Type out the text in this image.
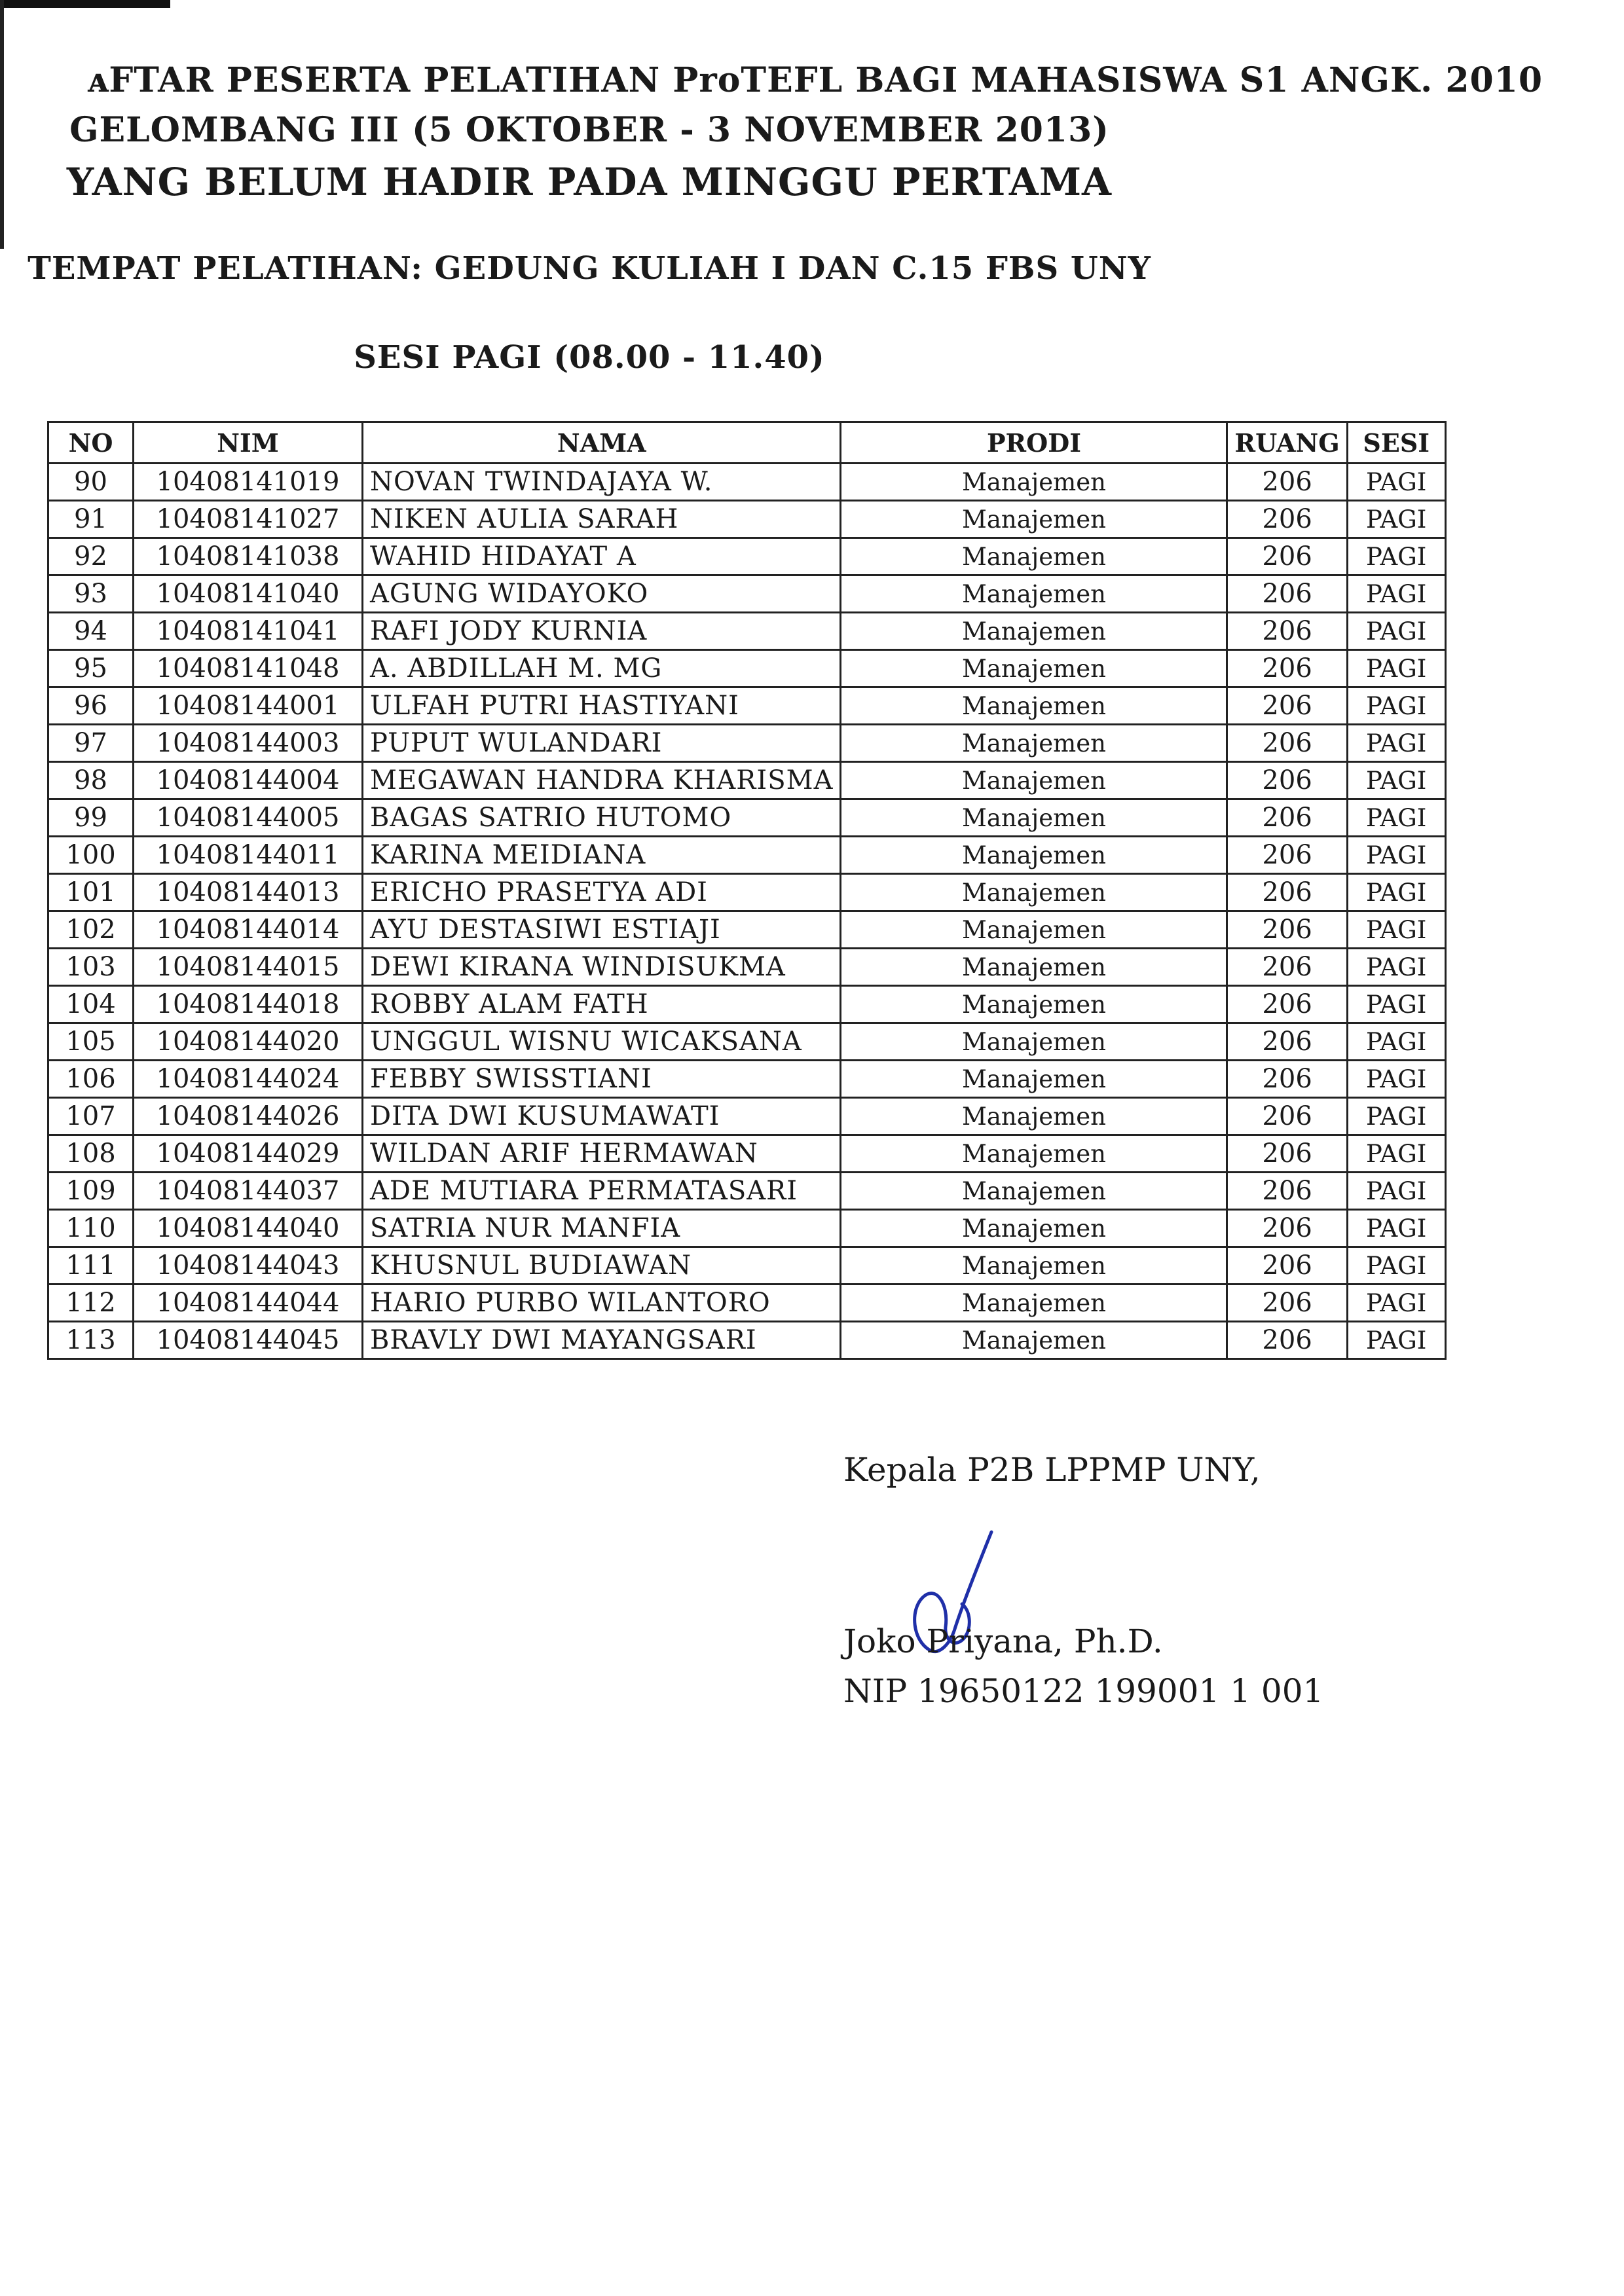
ᴀFTAR PESERTA PELATIHAN ProTEFL BAGI MAHASISWA S1 ANGK. 2010
GELOMBANG III (5 OKTOBER - 3 NOVEMBER 2013)
YANG BELUM HADIR PADA MINGGU PERTAMA
TEMPAT PELATIHAN: GEDUNG KULIAH I DAN C.15 FBS UNY
SESI PAGI (08.00 - 11.40)
NO	NIM	NAMA	PRODI	RUANG	SESI
90	10408141019	NOVAN TWINDAJAYA W.	Manajemen	206	PAGI
91	10408141027	NIKEN AULIA SARAH	Manajemen	206	PAGI
92	10408141038	WAHID HIDAYAT A	Manajemen	206	PAGI
93	10408141040	AGUNG WIDAYOKO	Manajemen	206	PAGI
94	10408141041	RAFI JODY KURNIA	Manajemen	206	PAGI
95	10408141048	A. ABDILLAH M. MG	Manajemen	206	PAGI
96	10408144001	ULFAH PUTRI HASTIYANI	Manajemen	206	PAGI
97	10408144003	PUPUT WULANDARI	Manajemen	206	PAGI
98	10408144004	MEGAWAN HANDRA KHARISMA	Manajemen	206	PAGI
99	10408144005	BAGAS SATRIO HUTOMO	Manajemen	206	PAGI
100	10408144011	KARINA MEIDIANA	Manajemen	206	PAGI
101	10408144013	ERICHO PRASETYA ADI	Manajemen	206	PAGI
102	10408144014	AYU DESTASIWI ESTIAJI	Manajemen	206	PAGI
103	10408144015	DEWI KIRANA WINDISUKMA	Manajemen	206	PAGI
104	10408144018	ROBBY ALAM FATH	Manajemen	206	PAGI
105	10408144020	UNGGUL WISNU WICAKSANA	Manajemen	206	PAGI
106	10408144024	FEBBY SWISSTIANI	Manajemen	206	PAGI
107	10408144026	DITA DWI KUSUMAWATI	Manajemen	206	PAGI
108	10408144029	WILDAN ARIF HERMAWAN	Manajemen	206	PAGI
109	10408144037	ADE MUTIARA PERMATASARI	Manajemen	206	PAGI
110	10408144040	SATRIA NUR MANFIA	Manajemen	206	PAGI
111	10408144043	KHUSNUL BUDIAWAN	Manajemen	206	PAGI
112	10408144044	HARIO PURBO WILANTORO	Manajemen	206	PAGI
113	10408144045	BRAVLY DWI MAYANGSARI	Manajemen	206	PAGI
Kepala P2B LPPMP UNY,
Joko Priyana, Ph.D.
NIP 19650122 199001 1 001
